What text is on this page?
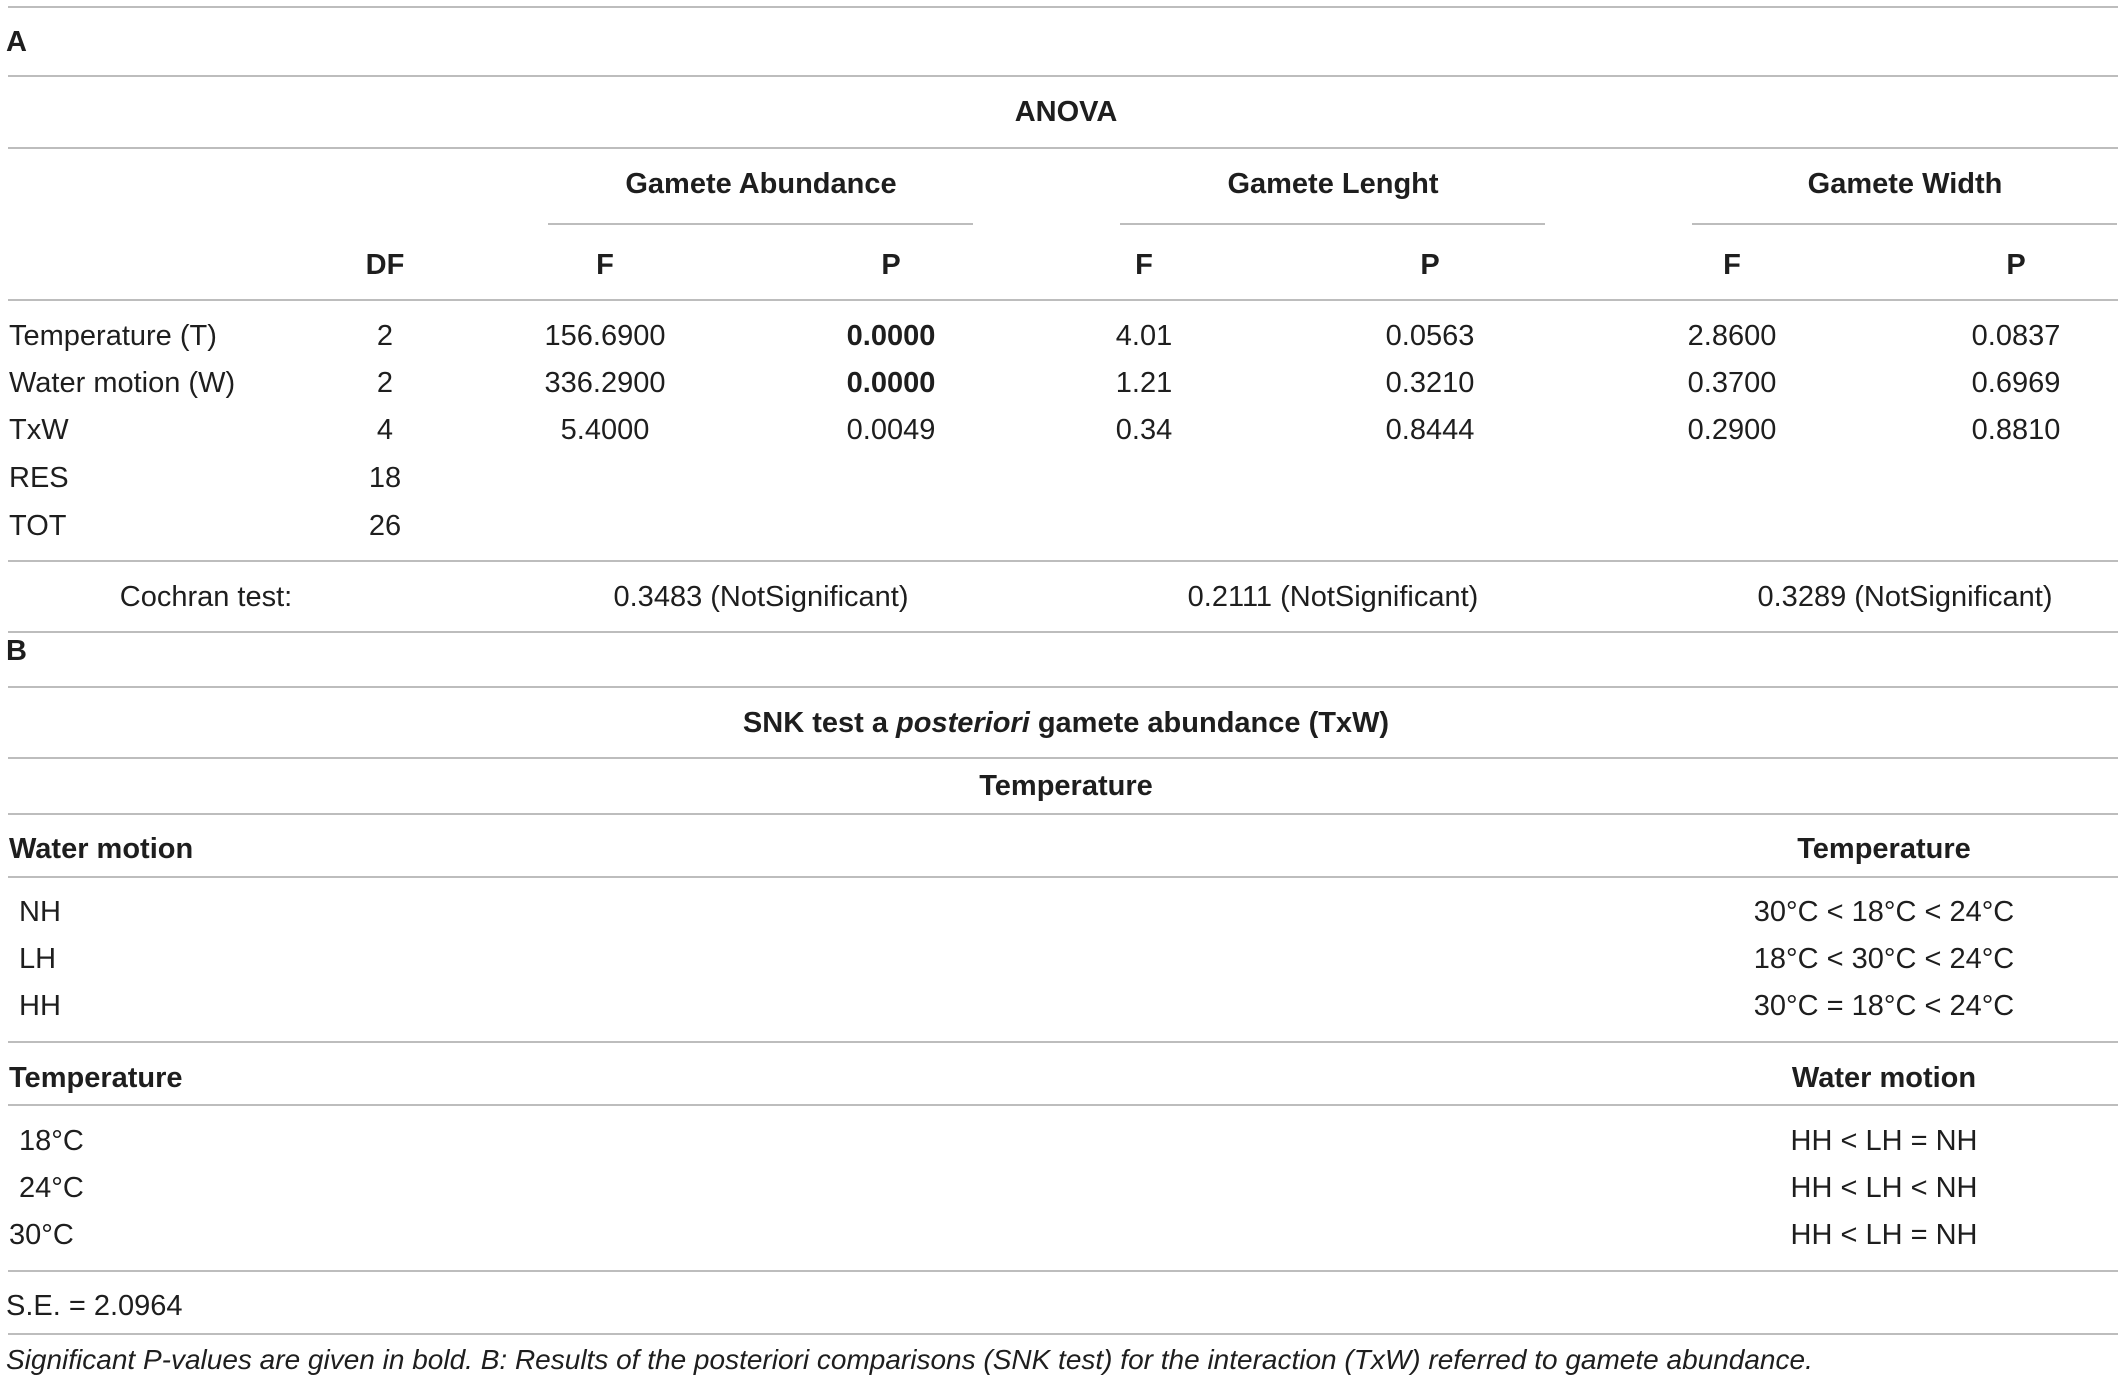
A
ANOVA
Gamete Abundance	Gamete Lenght	Gamete Width
DF	F	P	F	P	F	P
Temperature (T)	2	156.6900	0.0000	4.01	0.0563	2.8600	0.0837
Water motion (W)	2	336.2900	0.0000	1.21	0.3210	0.3700	0.6969
TxW	4	5.4000	0.0049	0.34	0.8444	0.2900	0.8810
RES	18
TOT	26
Cochran test:	0.3483 (NotSignificant)	0.2111 (NotSignificant)	0.3289 (NotSignificant)
B
SNK test a posteriori gamete abundance (TxW)
Temperature
Water motion	Temperature
NH	30°C < 18°C < 24°C
LH	18°C < 30°C < 24°C
HH	30°C = 18°C < 24°C
Temperature	Water motion
18°C	HH < LH = NH
24°C	HH < LH < NH
30°C	HH < LH = NH
S.E. = 2.0964
Significant P-values are given in bold. B: Results of the posteriori comparisons (SNK test) for the interaction (TxW) referred to gamete abundance.
